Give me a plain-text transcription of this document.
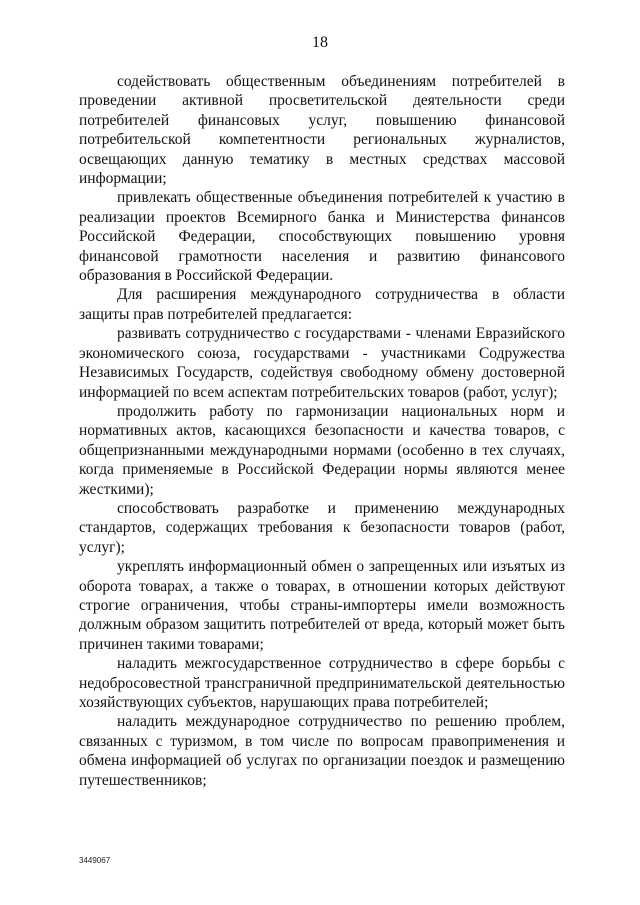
18

содействовать общественным объединениям потребителей в проведении активной просветительской деятельности среди потребителей финансовых услуг, повышению финансовой потребительской компетентности региональных журналистов, освещающих данную тематику в местных средствах массовой информации;

привлекать общественные объединения потребителей к участию в реализации проектов Всемирного банка и Министерства финансов Российской Федерации, способствующих повышению уровня финансовой грамотности населения и развитию финансового образования в Российской Федерации.

Для расширения международного сотрудничества в области защиты прав потребителей предлагается:

развивать сотрудничество с государствами - членами Евразийского экономического союза, государствами - участниками Содружества Независимых Государств, содействуя свободному обмену достоверной информацией по всем аспектам потребительских товаров (работ, услуг);

продолжить работу по гармонизации национальных норм и нормативных актов, касающихся безопасности и качества товаров, с общепризнанными международными нормами (особенно в тех случаях, когда применяемые в Российской Федерации нормы являются менее жесткими);

способствовать разработке и применению международных стандартов, содержащих требования к безопасности товаров (работ, услуг);

укреплять информационный обмен о запрещенных или изъятых из оборота товарах, а также о товарах, в отношении которых действуют строгие ограничения, чтобы страны-импортеры имели возможность должным образом защитить потребителей от вреда, который может быть причинен такими товарами;

наладить межгосударственное сотрудничество в сфере борьбы с недобросовестной трансграничной предпринимательской деятельностью хозяйствующих субъектов, нарушающих права потребителей;

наладить международное сотрудничество по решению проблем, связанных с туризмом, в том числе по вопросам правоприменения и обмена информацией об услугах по организации поездок и размещению путешественников;

3449067
